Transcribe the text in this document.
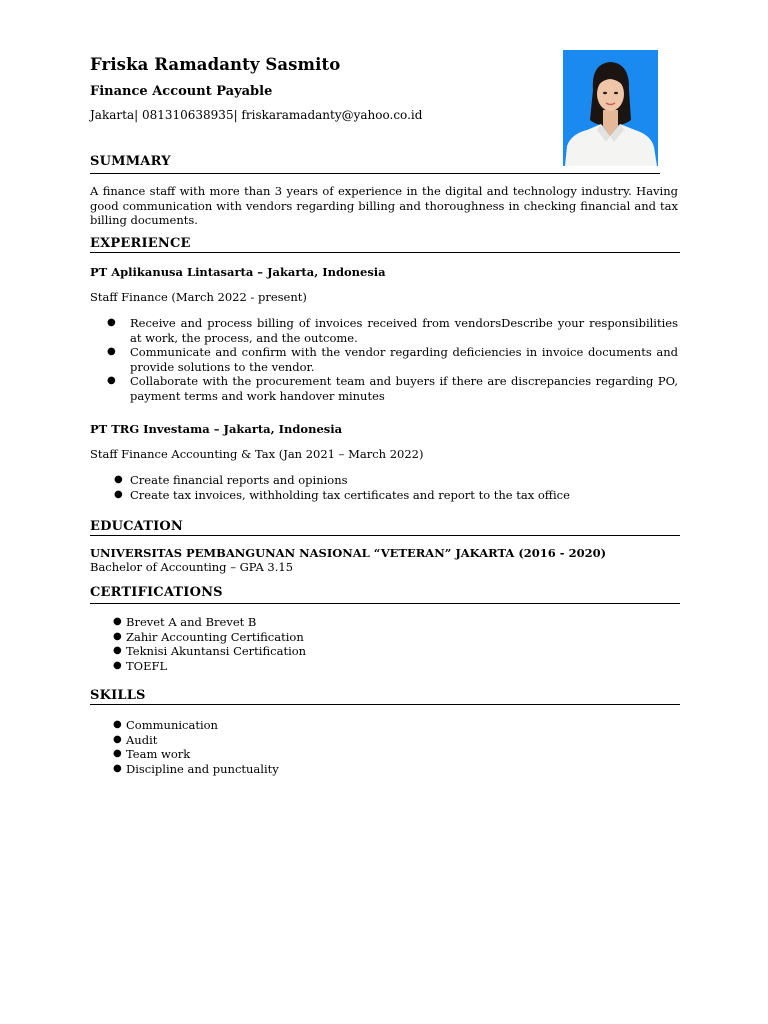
Friska Ramadanty Sasmito
Finance Account Payable
Jakarta| 081310638935| friskaramadanty@yahoo.co.id
SUMMARY
A finance staff with more than 3 years of experience in the digital and technology industry. Having good communication with vendors regarding billing and thoroughness in checking financial and tax billing documents.
EXPERIENCE
PT Aplikanusa Lintasarta – Jakarta, Indonesia
Staff Finance (March 2022 - present)
● Receive and process billing of invoices received from vendorsDescribe your responsibilities at work, the process, and the outcome.
● Communicate and confirm with the vendor regarding deficiencies in invoice documents and provide solutions to the vendor.
● Collaborate with the procurement team and buyers if there are discrepancies regarding PO, payment terms and work handover minutes
PT TRG Investama – Jakarta, Indonesia
Staff Finance Accounting & Tax (Jan 2021 – March 2022)
● Create financial reports and opinions
● Create tax invoices, withholding tax certificates and report to the tax office
EDUCATION
UNIVERSITAS PEMBANGUNAN NASIONAL “VETERAN” JAKARTA (2016 - 2020)
Bachelor of Accounting – GPA 3.15
CERTIFICATIONS
● Brevet A and Brevet B
● Zahir Accounting Certification
● Teknisi Akuntansi Certification
● TOEFL
SKILLS
● Communication
● Audit
● Team work
● Discipline and punctuality
